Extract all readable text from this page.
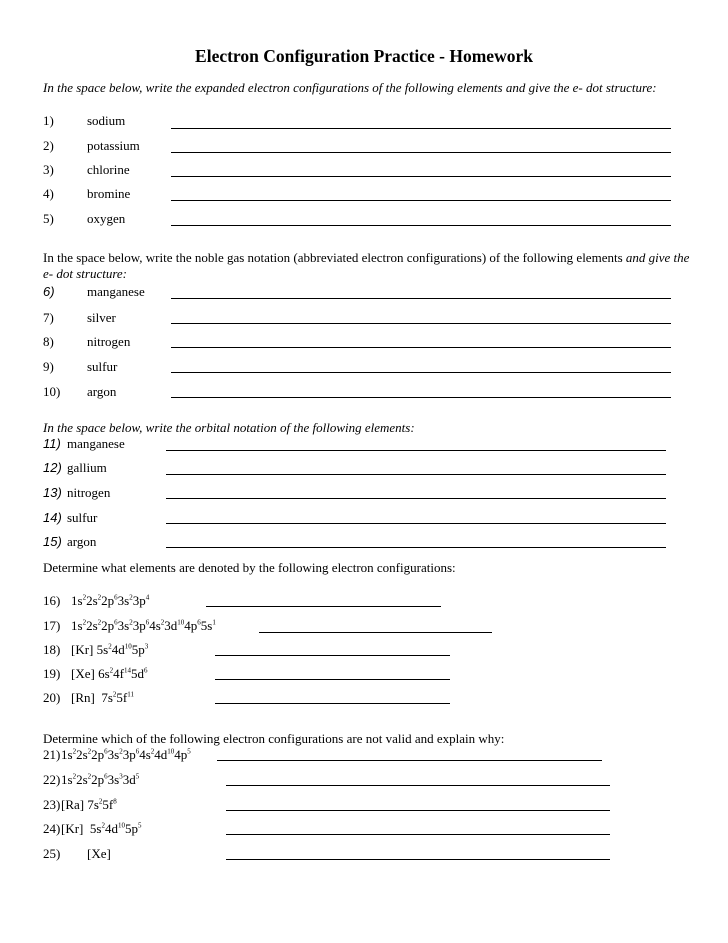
Electron Configuration Practice - Homework
In the space below, write the expanded electron configurations of the following elements and give the e- dot structure:
1)	sodium
2)	potassium
3)	chlorine
4)	bromine
5)	oxygen
In the space below, write the noble gas notation (abbreviated electron configurations) of the following elements and give the e- dot structure:
6) manganese
7)	silver
8)	nitrogen
9)	sulfur
10) argon
In the space below, write the orbital notation of the following elements:
11) manganese
12) gallium
13) nitrogen
14) sulfur
15) argon
Determine what elements are denoted by the following electron configurations:
16) $1s^22s^22p^63s^23p^4$
17) $1s^22s^22p^63s^23p^64s^23d^{10}4p^65s^1$
18) [Kr] $5s^24d^{10}5p^3$
19) [Xe] $6s^24f^{14}5d^6$
20) [Rn]  $7s^25f^{11}$
Determine which of the following electron configurations are not valid and explain why:
21) $1s^22s^22p^63s^23p^64s^24d^{10}4p^5$
22) $1s^22s^22p^63s^33d^5$
23) [Ra] $7s^25f^8$
24) [Kr]  $5s^24d^{10}5p^5$
25) [Xe]
